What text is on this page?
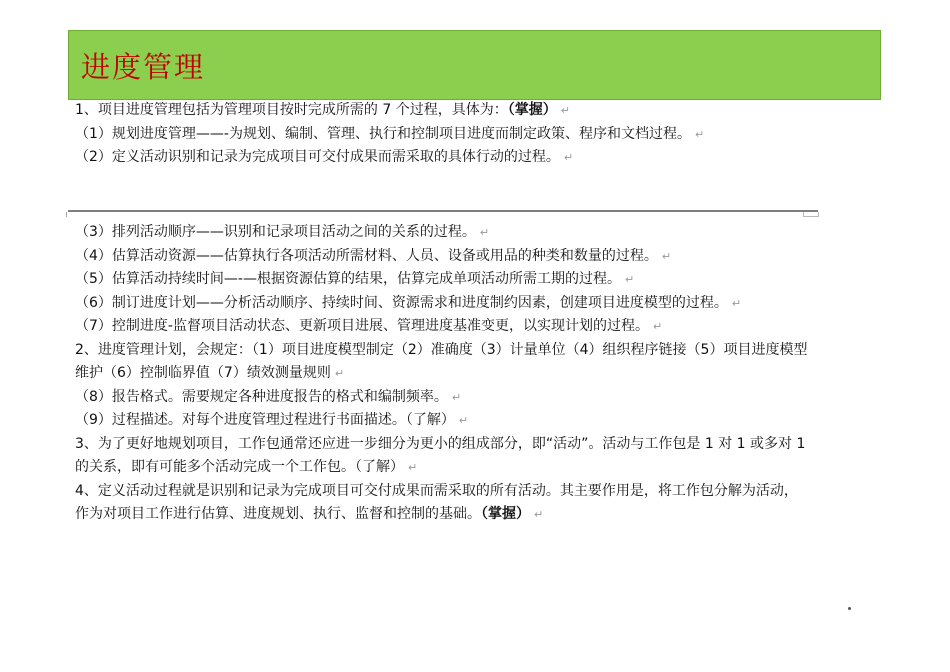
进度管理
1、项目进度管理包括为管理项目按时完成所需的 7 个过程，具体为：（掌握） ↵
（1）规划进度管理——-为规划、编制、管理、执行和控制项目进度而制定政策、程序和文档过程。 ↵
（2）定义活动识别和记录为完成项目可交付成果而需采取的具体行动的过程。 ↵
（3）排列活动顺序——识别和记录项目活动之间的关系的过程。 ↵
（4）估算活动资源——估算执行各项活动所需材料、人员、设备或用品的种类和数量的过程。 ↵
（5）估算活动持续时间—-—根据资源估算的结果，估算完成单项活动所需工期的过程。 ↵
（6）制订进度计划——分析活动顺序、持续时间、资源需求和进度制约因素，创建项目进度模型的过程。 ↵
（7）控制进度-监督项目活动状态、更新项目进展、管理进度基准变更，以实现计划的过程。 ↵
2、进度管理计划，会规定：（1）项目进度模型制定（2）准确度（3）计量单位（4）组织程序链接（5）项目进度模型维护（6）控制临界值（7）绩效测量规则 ↵
（8）报告格式。需要规定各种进度报告的格式和编制频率。 ↵
（9）过程描述。对每个进度管理过程进行书面描述。（了解） ↵
3、为了更好地规划项目，工作包通常还应进一步细分为更小的组成部分，即“活动”。活动与工作包是 1 对 1 或多对 1 的关系，即有可能多个活动完成一个工作包。（了解） ↵
4、定义活动过程就是识别和记录为完成项目可交付成果而需采取的所有活动。其主要作用是，将工作包分解为活动，作为对项目工作进行估算、进度规划、执行、监督和控制的基础。（掌握） ↵
